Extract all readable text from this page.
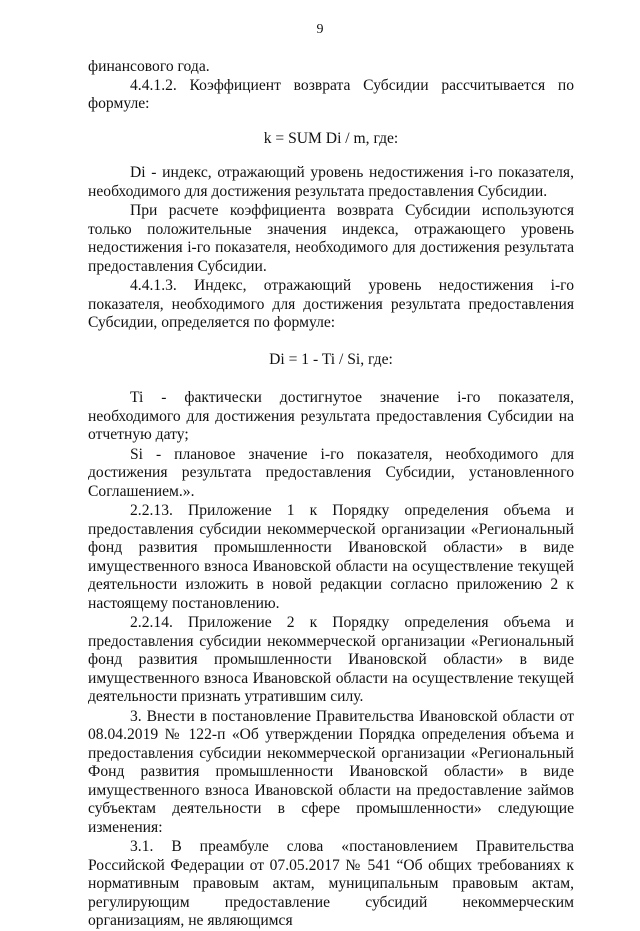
9

финансового года.

4.4.1.2. Коэффициент возврата Субсидии рассчитывается по формуле:

k = SUM Di / m, где:

Di - индекс, отражающий уровень недостижения i-го показателя, необходимого для достижения результата предоставления Субсидии.

При расчете коэффициента возврата Субсидии используются только положительные значения индекса, отражающего уровень недостижения i-го показателя, необходимого для достижения результата предоставления Субсидии.

4.4.1.3. Индекс, отражающий уровень недостижения i-го показателя, необходимого для достижения результата предоставления Субсидии, определяется по формуле:

Di = 1 - Ti / Si, где:

Ti - фактически достигнутое значение i-го показателя, необходимого для достижения результата предоставления Субсидии на отчетную дату;

Si - плановое значение i-го показателя, необходимого для достижения результата предоставления Субсидии, установленного Соглашением.».

2.2.13. Приложение 1 к Порядку определения объема и предоставления субсидии некоммерческой организации «Региональный фонд развития промышленности Ивановской области» в виде имущественного взноса Ивановской области на осуществление текущей деятельности изложить в новой редакции согласно приложению 2 к настоящему постановлению.

2.2.14. Приложение 2 к Порядку определения объема и предоставления субсидии некоммерческой организации «Региональный фонд развития промышленности Ивановской области» в виде имущественного взноса Ивановской области на осуществление текущей деятельности признать утратившим силу.

3. Внести в постановление Правительства Ивановской области от 08.04.2019 № 122-п «Об утверждении Порядка определения объема и предоставления субсидии некоммерческой организации «Региональный Фонд развития промышленности Ивановской области» в виде имущественного взноса Ивановской области на предоставление займов субъектам деятельности в сфере промышленности» следующие изменения:

3.1. В преамбуле слова «постановлением Правительства Российской Федерации от 07.05.2017 № 541 “Об общих требованиях к нормативным правовым актам, муниципальным правовым актам, регулирующим предоставление субсидий некоммерческим организациям, не являющимся
